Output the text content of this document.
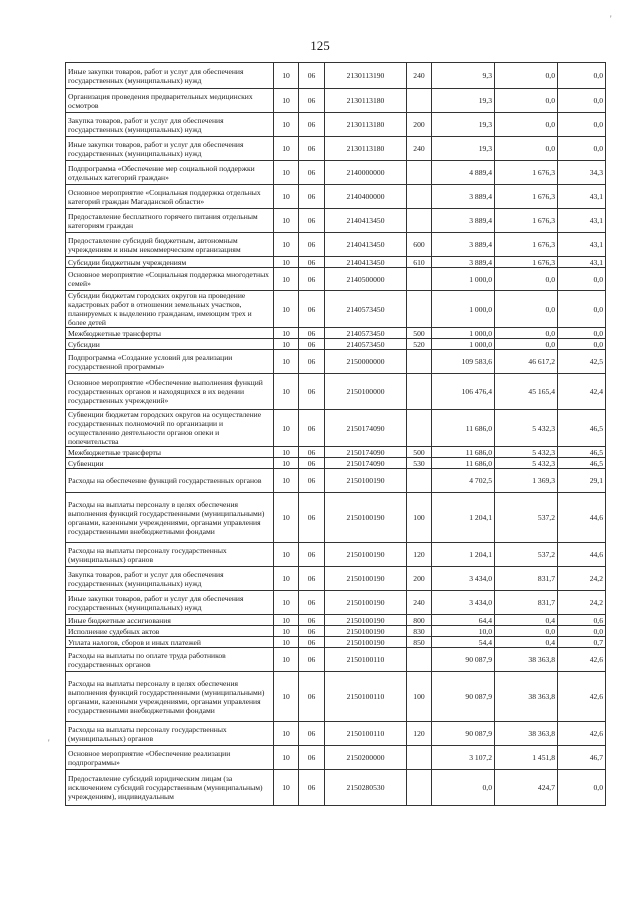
125
'
'
Иные закупки товаров, работ и услуг для обеспечения государственных (муниципальных) нужд	10	06	2130113190	240	9,3	0,0	0,0
Организация проведения предварительных медицинских осмотров	10	06	2130113180		19,3	0,0	0,0
Закупка товаров, работ и услуг для обеспечения государственных (муниципальных) нужд	10	06	2130113180	200	19,3	0,0	0,0
Иные закупки товаров, работ и услуг для обеспечения государственных (муниципальных) нужд	10	06	2130113180	240	19,3	0,0	0,0
Подпрограмма «Обеспечение мер социальной поддержки отдельных категорий граждан»	10	06	2140000000		4 889,4	1 676,3	34,3
Основное мероприятие «Социальная поддержка отдельных категорий граждан Магаданской области»	10	06	2140400000		3 889,4	1 676,3	43,1
Предоставление бесплатного горячего питания отдельным категориям граждан	10	06	2140413450		3 889,4	1 676,3	43,1
Предоставление субсидий бюджетным, автономным учреждениям и иным некоммерческим организациям	10	06	2140413450	600	3 889,4	1 676,3	43,1
Субсидии бюджетным учреждениям	10	06	2140413450	610	3 889,4	1 676,3	43,1
Основное мероприятие «Социальная поддержка многодетных семей»	10	06	2140500000		1 000,0	0,0	0,0
Субсидии бюджетам городских округов на проведение кадастровых работ в отношении земельных участков, планируемых к выделению гражданам, имеющим трех и более детей	10	06	2140573450		1 000,0	0,0	0,0
Межбюджетные трансферты	10	06	2140573450	500	1 000,0	0,0	0,0
Субсидии	10	06	2140573450	520	1 000,0	0,0	0,0
Подпрограмма «Создание условий для реализации государственной программы»	10	06	2150000000		109 583,6	46 617,2	42,5
Основное мероприятие «Обеспечение выполнения функций государственных органов и находящихся в их ведении государственных учреждений»	10	06	2150100000		106 476,4	45 165,4	42,4
Субвенции бюджетам городских округов на осуществление государственных полномочий по организации и осуществлению деятельности органов опеки и попечительства	10	06	2150174090		11 686,0	5 432,3	46,5
Межбюджетные трансферты	10	06	2150174090	500	11 686,0	5 432,3	46,5
Субвенции	10	06	2150174090	530	11 686,0	5 432,3	46,5
Расходы на обеспечение функций государственных органов	10	06	2150100190		4 702,5	1 369,3	29,1
Расходы на выплаты персоналу в целях обеспечения выполнения функций государственными (муниципальными) органами, казенными учреждениями, органами управления государственными внебюджетными фондами	10	06	2150100190	100	1 204,1	537,2	44,6
Расходы на выплаты персоналу государственных (муниципальных) органов	10	06	2150100190	120	1 204,1	537,2	44,6
Закупка товаров, работ и услуг для обеспечения государственных (муниципальных) нужд	10	06	2150100190	200	3 434,0	831,7	24,2
Иные закупки товаров, работ и услуг для обеспечения государственных (муниципальных) нужд	10	06	2150100190	240	3 434,0	831,7	24,2
Иные бюджетные ассигнования	10	06	2150100190	800	64,4	0,4	0,6
Исполнение судебных актов	10	06	2150100190	830	10,0	0,0	0,0
Уплата налогов, сборов и иных платежей	10	06	2150100190	850	54,4	0,4	0,7
Расходы на выплаты по оплате труда работников государственных органов	10	06	2150100110		90 087,9	38 363,8	42,6
Расходы на выплаты персоналу в целях обеспечения выполнения функций государственными (муниципальными) органами, казенными учреждениями, органами управления государственными внебюджетными фондами	10	06	2150100110	100	90 087,9	38 363,8	42,6
Расходы на выплаты персоналу государственных (муниципальных) органов	10	06	2150100110	120	90 087,9	38 363,8	42,6
Основное мероприятие «Обеспечение реализации подпрограммы»	10	06	2150200000		3 107,2	1 451,8	46,7
Предоставление субсидий юридическим лицам (за исключением субсидий государственным (муниципальным) учреждениям), индивидуальным	10	06	2150280530		0,0	424,7	0,0
